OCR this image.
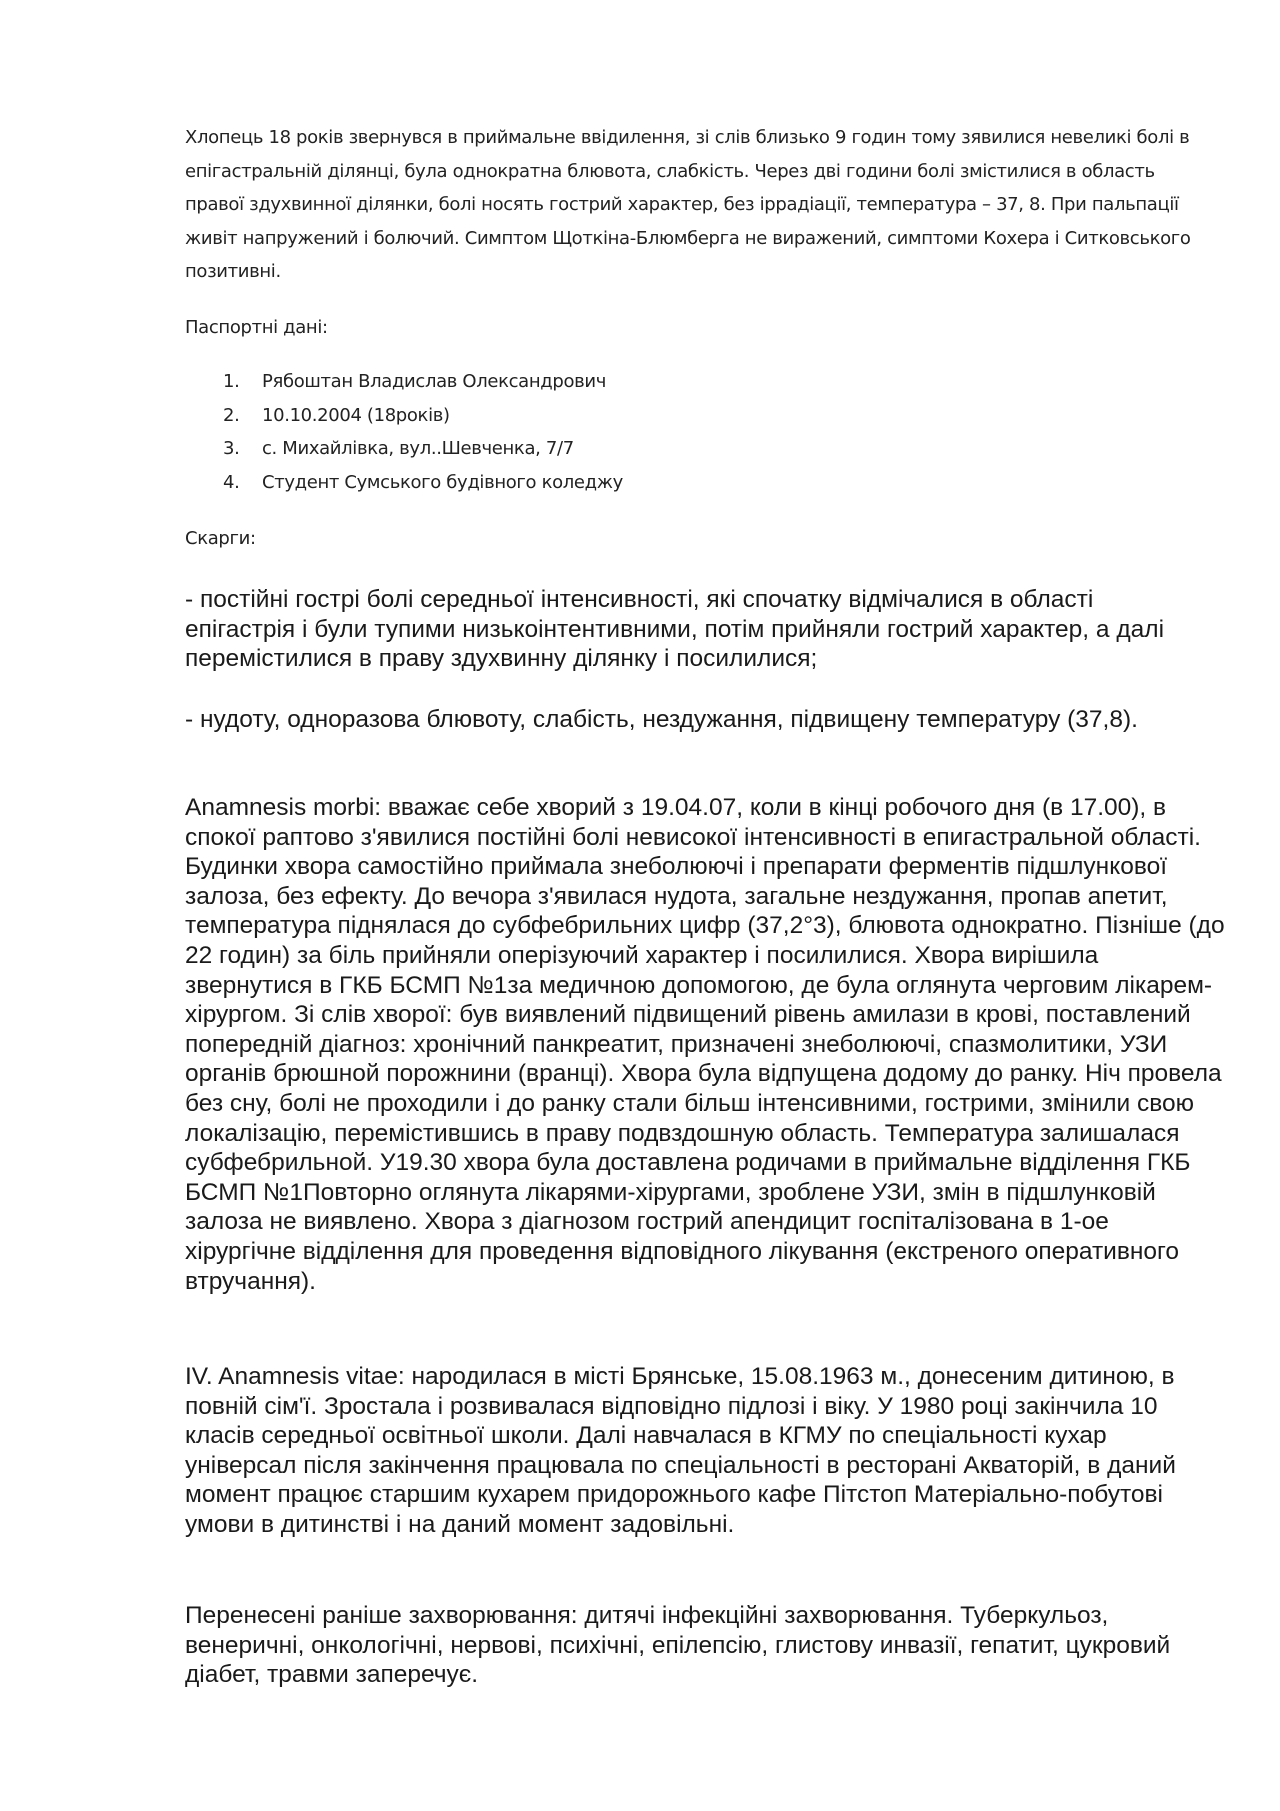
Хлопець 18 років звернувся в приймальне ввідилення, зі слів близько 9 годин тому зявилися невеликі болі в епігастральній ділянці, була однократна блювота, слабкість. Через дві години болі змістилися в область правої здухвинної ділянки, болі носять гострий характер, без іррадіації, температура – 37, 8. При пальпації живіт напружений і болючий. Симптом Щоткіна-Блюмберга не виражений, симптоми Кохера і Ситковського позитивні.

Паспортні дані:

1. Рябоштан Владислав Олександрович
2. 10.10.2004 (18років)
3. с. Михайлівка, вул..Шевченка, 7/7
4. Студент Сумського будівного коледжу

Скарги:

- постійні гострі болі середньої інтенсивності, які спочатку відмічалися в області епігастрія і були тупими низькоінтентивними, потім прийняли гострий характер, а далі перемістилися в праву здухвинну ділянку і посилилися;

- нудоту, одноразова блювоту, слабість, нездужання, підвищену температуру (37,8).

Anamnesis morbi: вважає себе хворий з 19.04.07, коли в кінці робочого дня (в 17.00), в спокої раптово з'явилися постійні болі невисокої інтенсивності в епигастральной області. Будинки хвора самостійно приймала знеболюючі і препарати ферментів підшлункової залоза, без ефекту. До вечора з'явилася нудота, загальне нездужання, пропав апетит, температура піднялася до субфебрильних цифр (37,2°3), блювота однократно. Пізніше (до 22 годин) за біль прийняли оперізуючий характер і посилилися. Хвора вирішила звернутися в ГКБ БСМП №1за медичною допомогою, де була оглянута черговим лікарем-хірургом. Зі слів хворої: був виявлений підвищений рівень амилази в крові, поставлений попередній діагноз: хронічний панкреатит, призначені знеболюючі, спазмолитики, УЗИ органів брюшной порожнини (вранці). Хвора була відпущена додому до ранку. Ніч провела без сну, болі не проходили і до ранку стали більш інтенсивними, гострими, змінили свою локалізацію, перемістившись в праву подвздошную область. Температура залишалася субфебрильной. У19.30 хвора була доставлена родичами в приймальне відділення ГКБ БСМП №1Повторно оглянута лікарями-хірургами, зроблене УЗИ, змін в підшлунковій залоза не виявлено. Хвора з діагнозом гострий апендицит госпіталізована в 1-ое хірургічне відділення для проведення відповідного лікування (екстреного оперативного втручання).

IV. Anamnesis vitae: народилася в місті Брянське, 15.08.1963 м., донесеним дитиною, в повній сім'ї. Зростала і розвивалася відповідно підлозі і віку. У 1980 році закінчила 10 класів середньої освітньої школи. Далі навчалася в КГМУ по спеціальності кухар універсал після закінчення працювала по спеціальності в ресторані Акваторій, в даний момент працює старшим кухарем придорожнього кафе Пітстоп Матеріально-побутові умови в дитинстві і на даний момент задовільні.

Перенесені раніше захворювання: дитячі інфекційні захворювання. Туберкульоз, венеричні, онкологічні, нервові, психічні, епілепсію, глистову инвазії, гепатит, цукровий діабет, травми заперечує.
